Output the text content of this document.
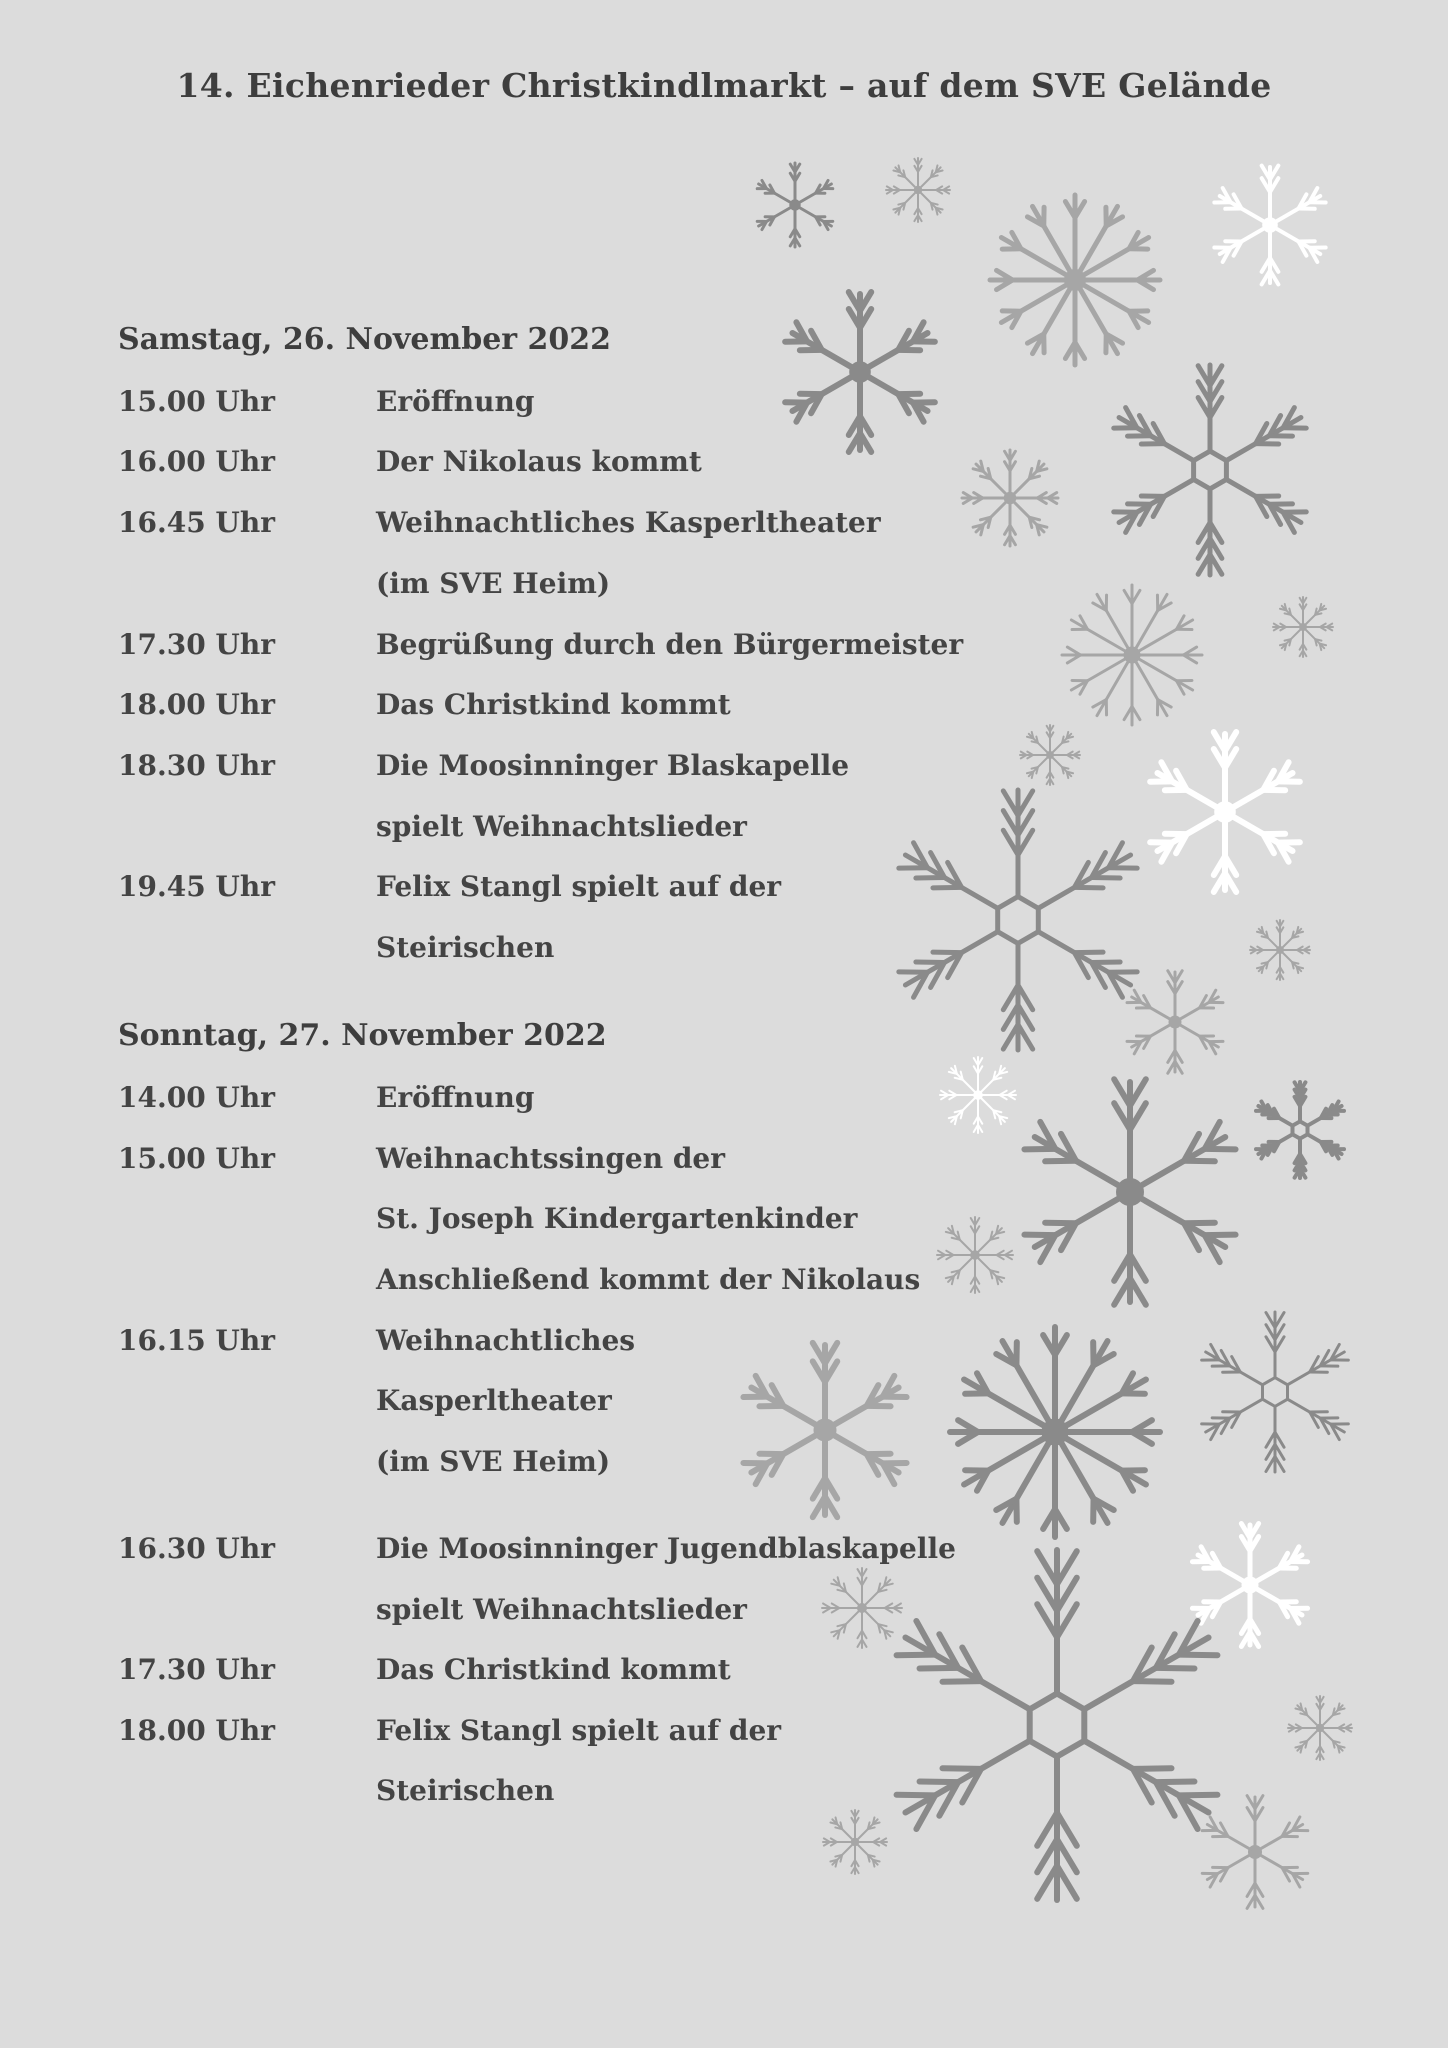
14. Eichenrieder Christkindlmarkt – auf dem SVE Gelände
Samstag, 26. November 2022
15.00 Uhr	Eröffnung
16.00 Uhr	Der Nikolaus kommt
16.45 Uhr	Weihnachtliches Kasperltheater
(im SVE Heim)
17.30 Uhr	Begrüßung durch den Bürgermeister
18.00 Uhr	Das Christkind kommt
18.30 Uhr	Die Moosinninger Blaskapelle
spielt Weihnachtslieder
19.45 Uhr	Felix Stangl spielt auf der
Steirischen
Sonntag, 27. November 2022
14.00 Uhr	Eröffnung
15.00 Uhr	Weihnachtssingen der
St. Joseph Kindergartenkinder
Anschließend kommt der Nikolaus
16.15 Uhr	Weihnachtliches
Kasperltheater
(im SVE Heim)
16.30 Uhr	Die Moosinninger Jugendblaskapelle
spielt Weihnachtslieder
17.30 Uhr	Das Christkind kommt
18.00 Uhr	Felix Stangl spielt auf der
Steirischen
